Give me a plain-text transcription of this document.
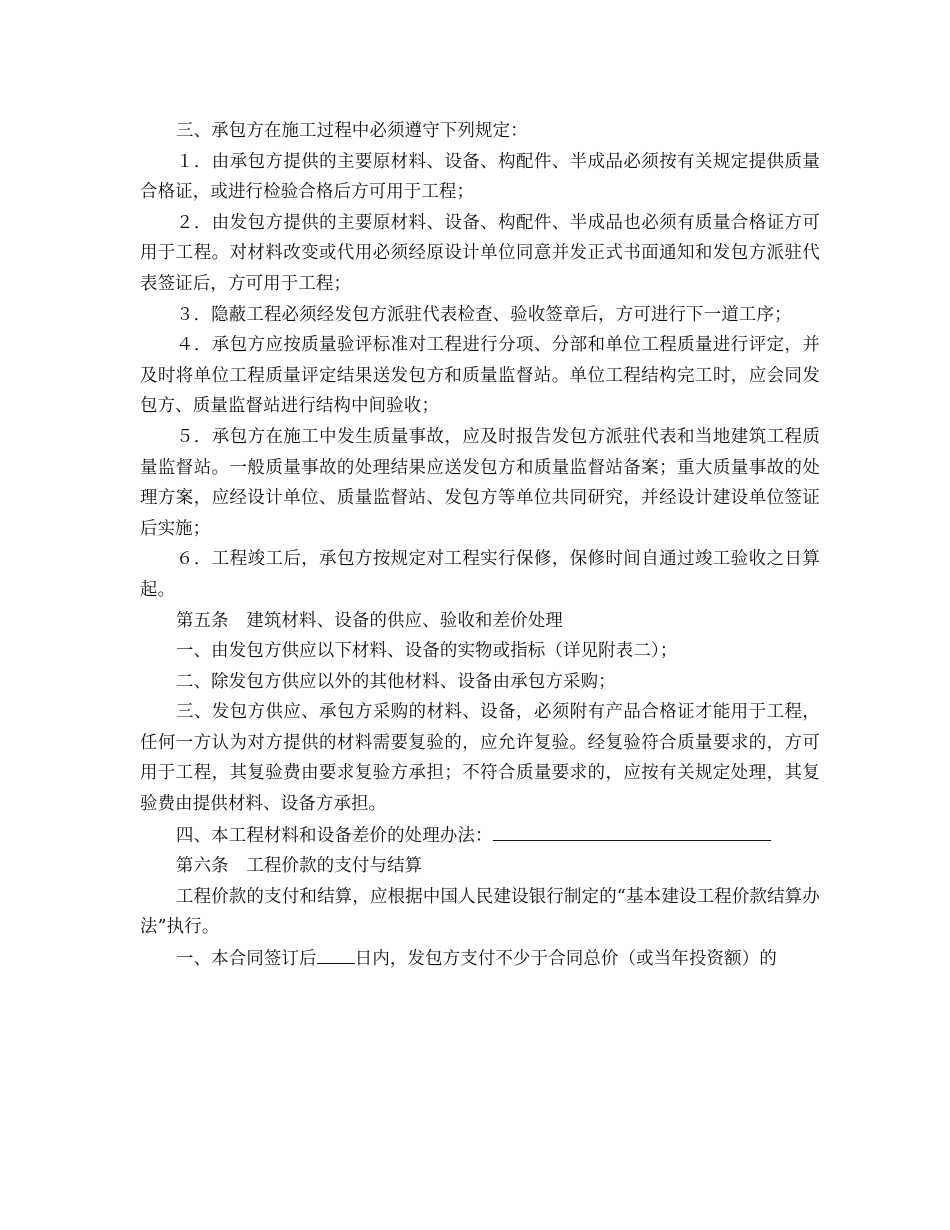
三、承包方在施工过程中必须遵守下列规定：

１．由承包方提供的主要原材料、设备、构配件、半成品必须按有关规定提供质量合格证，或进行检验合格后方可用于工程；

２．由发包方提供的主要原材料、设备、构配件、半成品也必须有质量合格证方可用于工程。对材料改变或代用必须经原设计单位同意并发正式书面通知和发包方派驻代表签证后，方可用于工程；

３．隐蔽工程必须经发包方派驻代表检查、验收签章后，方可进行下一道工序；

４．承包方应按质量验评标准对工程进行分项、分部和单位工程质量进行评定，并及时将单位工程质量评定结果送发包方和质量监督站。单位工程结构完工时，应会同发包方、质量监督站进行结构中间验收；

５．承包方在施工中发生质量事故，应及时报告发包方派驻代表和当地建筑工程质量监督站。一般质量事故的处理结果应送发包方和质量监督站备案；重大质量事故的处理方案，应经设计单位、质量监督站、发包方等单位共同研究，并经设计建设单位签证后实施；

６．工程竣工后，承包方按规定对工程实行保修，保修时间自通过竣工验收之日算起。

第五条　建筑材料、设备的供应、验收和差价处理

一、由发包方供应以下材料、设备的实物或指标（详见附表二）；

二、除发包方供应以外的其他材料、设备由承包方采购；

三、发包方供应、承包方采购的材料、设备，必须附有产品合格证才能用于工程，任何一方认为对方提供的材料需要复验的，应允许复验。经复验符合质量要求的，方可用于工程，其复验费由要求复验方承担；不符合质量要求的，应按有关规定处理，其复验费由提供材料、设备方承担。

四、本工程材料和设备差价的处理办法：

第六条　工程价款的支付与结算

工程价款的支付和结算，应根据中国人民建设银行制定的“基本建设工程价款结算办法”执行。

一、本合同签订后 日内，发包方支付不少于合同总价（或当年投资额）的
